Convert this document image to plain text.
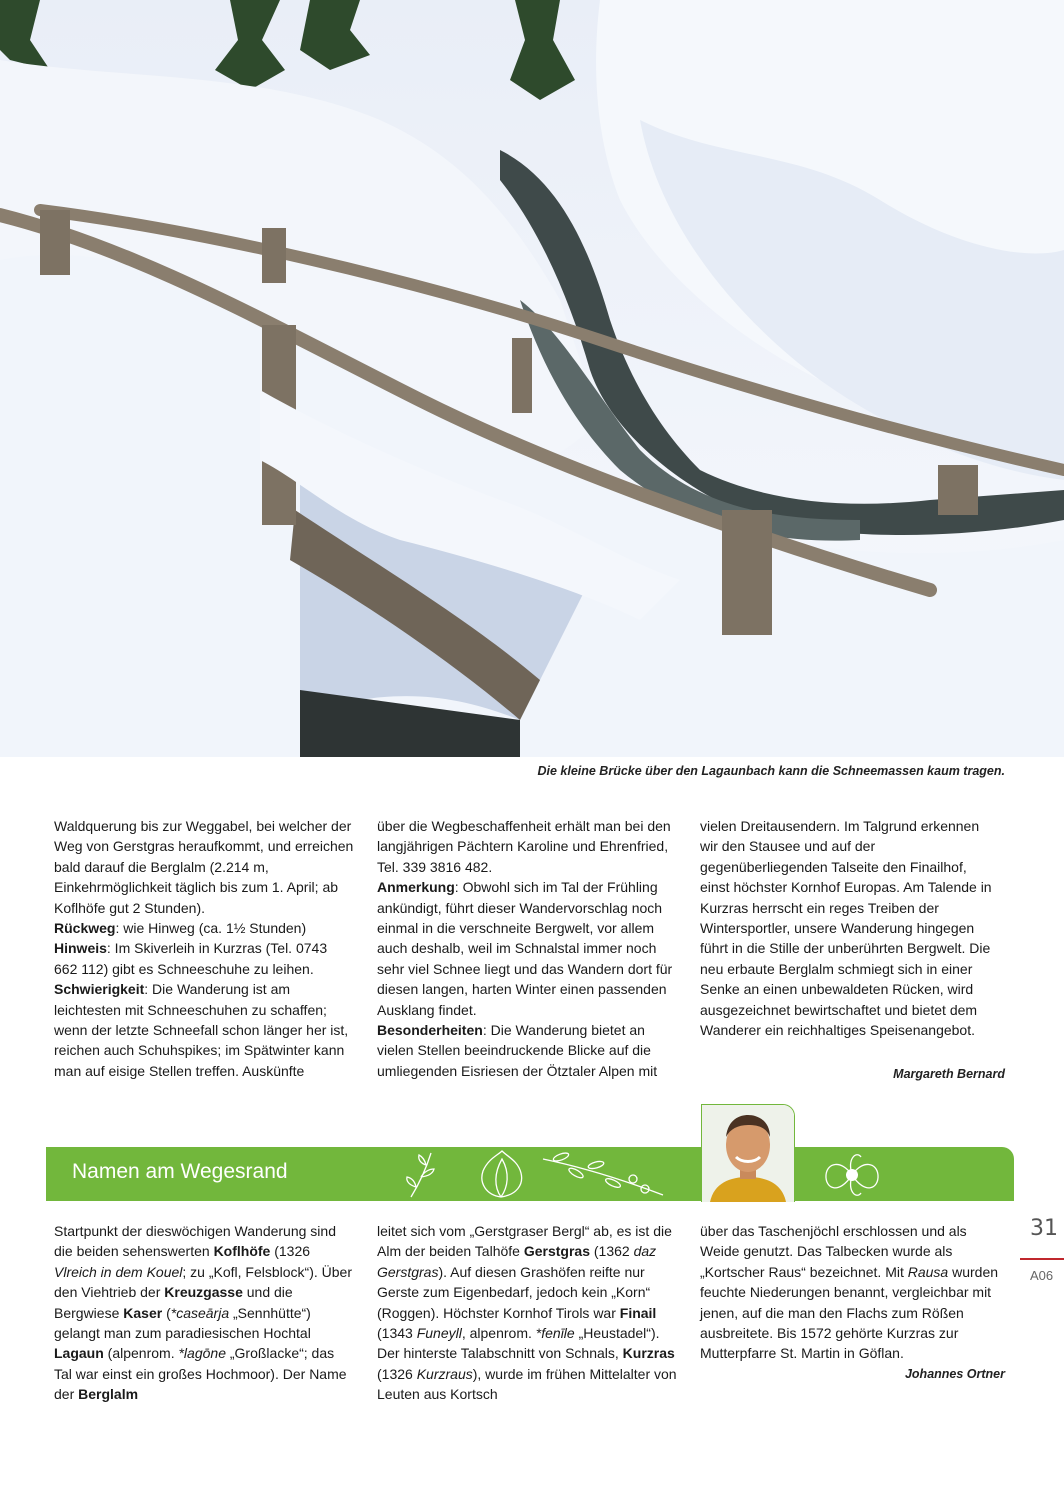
Die kleine Brücke über den Lagaunbach kann die Schneemassen kaum tragen.

Waldquerung bis zur Weggabel, bei welcher der Weg von Gerstgras heraufkommt, und erreichen bald darauf die Berglalm (2.214 m, Einkehrmöglichkeit täglich bis zum 1. April; ab Koflhöfe gut 2 Stunden).

Rückweg: wie Hinweg (ca. 1½ Stunden)

Hinweis: Im Skiverleih in Kurzras (Tel. 0743 662 112) gibt es Schneeschuhe zu leihen.

Schwierigkeit: Die Wanderung ist am leichtesten mit Schneeschuhen zu schaffen; wenn der letzte Schneefall schon länger her ist, reichen auch Schuhspikes; im Spätwinter kann man auf eisige Stellen treffen. Auskünfte

über die Wegbeschaffenheit erhält man bei den langjährigen Pächtern Karoline und Ehrenfried, Tel. 339 3816 482.

Anmerkung: Obwohl sich im Tal der Frühling ankündigt, führt dieser Wandervorschlag noch einmal in die verschneite Bergwelt, vor allem auch deshalb, weil im Schnalstal immer noch sehr viel Schnee liegt und das Wandern dort für diesen langen, harten Winter einen passenden Ausklang findet.

Besonderheiten: Die Wanderung bietet an vielen Stellen beeindruckende Blicke auf die umliegenden Eisriesen der Ötztaler Alpen mit

vielen Dreitausendern. Im Talgrund erkennen wir den Stausee und auf der gegenüberliegenden Talseite den Finailhof, einst höchster Kornhof Europas. Am Talende in Kurzras herrscht ein reges Treiben der Wintersportler, unsere Wanderung hingegen führt in die Stille der unberührten Bergwelt. Die neu erbaute Berglalm schmiegt sich in einer Senke an einen unbewaldeten Rücken, wird ausgezeichnet bewirtschaftet und bietet dem Wanderer ein reichhaltiges Speisenangebot.

Margareth Bernard
Namen am Wegesrand

Startpunkt der dieswöchigen Wanderung sind die beiden sehenswerten Koflhöfe (1326 Vlreich in dem Kouel; zu „Kofl, Felsblock“). Über den Viehtrieb der Kreuzgasse und die Bergwiese Kaser (*caseārja „Sennhütte“) gelangt man zum paradiesischen Hochtal Lagaun (alpenrom. *lagōne „Großlacke“; das Tal war einst ein großes Hochmoor). Der Name der Berglalm

leitet sich vom „Gerstgraser Bergl“ ab, es ist die Alm der beiden Talhöfe Gerstgras (1362 daz Gerstgras). Auf diesen Grashöfen reifte nur Gerste zum Eigenbedarf, jedoch kein „Korn“ (Roggen). Höchster Kornhof Tirols war Finail (1343 Funeyll, alpenrom. *fenīle „Heustadel“). Der hinterste Talabschnitt von Schnals, Kurzras (1326 Kurzraus), wurde im frühen Mittelalter von Leuten aus Kortsch

über das Taschenjöchl erschlossen und als Weide genutzt. Das Talbecken wurde als „Kortscher Raus“ bezeichnet. Mit Rausa wurden feuchte Niederungen benannt, vergleichbar mit jenen, auf die man den Flachs zum Rößen ausbreitete. Bis 1572 gehörte Kurzras zur Mutterpfarre St. Martin in Göflan.

Johannes Ortner
31
A06
